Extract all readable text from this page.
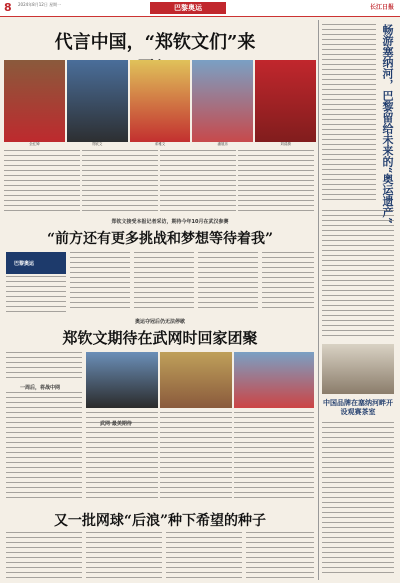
8 2024年8月12日 星期一	巴黎奥运	长江日报
代言中国，“郑钦文们”来
全红婵	郑钦文	邓雅文	潘展乐	刘清漪	畅游塞纳河，巴黎留给未来的“奥运遗产”
郑钦文接受本报记者采访，期待今年10月在武汉参赛
“前方还有更多挑战和梦想等待着我”
巴黎奥运
奥运夺冠后仍无法停歇
郑钦文期待在武网时回家团聚
一周后，将战中网
武网·最美期待
中国品牌在塞纳河畔开设观赛茶室
又一批网球“后浪”种下希望的种子
